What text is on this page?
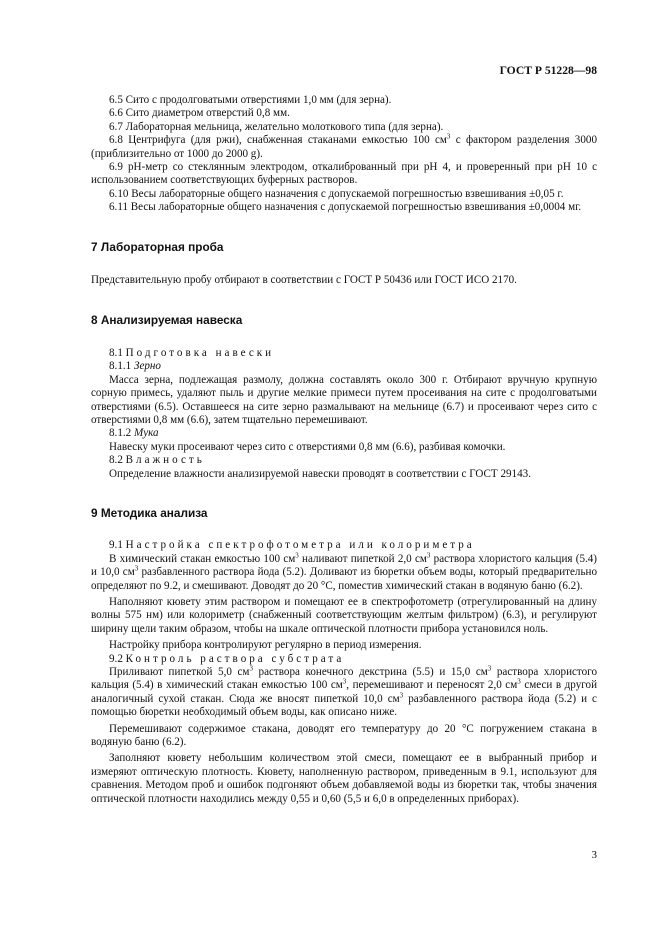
ГОСТ Р 51228—98

6.5 Сито с продолговатыми отверстиями 1,0 мм (для зерна).

6.6 Сито диаметром отверстий 0,8 мм.

6.7 Лабораторная мельница, желательно молоткового типа (для зерна).

6.8 Центрифуга (для ржи), снабженная стаканами емкостью 100 $см^3$ с фактором разделения 3000 (приблизительно от 1000 до 2000 g).

6.9 pH-метр со стеклянным электродом, откалиброванный при pH 4, и проверенный при pH 10 с использованием соответствующих буферных растворов.

6.10 Весы лабораторные общего назначения с допускаемой погрешностью взвешивания ±0,05 г.

6.11 Весы лабораторные общего назначения с допускаемой погрешностью взвешивания ±0,0004 мг.

7 Лабораторная проба

Представительную пробу отбирают в соответствии с ГОСТ Р 50436 или ГОСТ ИСО 2170.

8 Анализируемая навеска

8.1 Подготовка навески

8.1.1 Зерно

Масса зерна, подлежащая размолу, должна составлять около 300 г. Отбирают вручную крупную сорную примесь, удаляют пыль и другие мелкие примеси путем просеивания на сите с продолговатыми отверстиями (6.5). Оставшееся на сите зерно размалывают на мельнице (6.7) и просеивают через сито с отверстиями 0,8 мм (6.6), затем тщательно перемешивают.

8.1.2 Мука

Навеску муки просеивают через сито с отверстиями 0,8 мм (6.6), разбивая комочки.

8.2 Влажность

Определение влажности анализируемой навески проводят в соответствии с ГОСТ 29143.

9 Методика анализа

9.1 Настройка спектрофотометра или колориметра

В химический стакан емкостью 100 $см^3$ наливают пипеткой 2,0 $см^3$ раствора хлористого кальция (5.4) и 10,0 $см^3$ разбавленного раствора йода (5.2). Доливают из бюретки объем воды, который предварительно определяют по 9.2, и смешивают. Доводят до 20 °С, поместив химический стакан в водяную баню (6.2).

Наполняют кювету этим раствором и помещают ее в спектрофотометр (отрегулированный на длину волны 575 нм) или колориметр (снабженный соответствующим желтым фильтром) (6.3), и регулируют ширину щели таким образом, чтобы на шкале оптической плотности прибора установился ноль.

Настройку прибора контролируют регулярно в период измерения.

9.2 Контроль раствора субстрата

Приливают пипеткой 5,0 $см^3$ раствора конечного декстрина (5.5) и 15,0 $см^3$ раствора хлористого кальция (5.4) в химический стакан емкостью 100 $см^3$, перемешивают и переносят 2,0 $см^3$ смеси в другой аналогичный сухой стакан. Сюда же вносят пипеткой 10,0 $см^3$ разбавленного раствора йода (5.2) и с помощью бюретки необходимый объем воды, как описано ниже.

Перемешивают содержимое стакана, доводят его температуру до 20 °С погружением стакана в водяную баню (6.2).

Заполняют кювету небольшим количеством этой смеси, помещают ее в выбранный прибор и измеряют оптическую плотность. Кювету, наполненную раствором, приведенным в 9.1, используют для сравнения. Методом проб и ошибок подгоняют объем добавляемой воды из бюретки так, чтобы значения оптической плотности находились между 0,55 и 0,60 (5,5 и 6,0 в определенных приборах).

3
